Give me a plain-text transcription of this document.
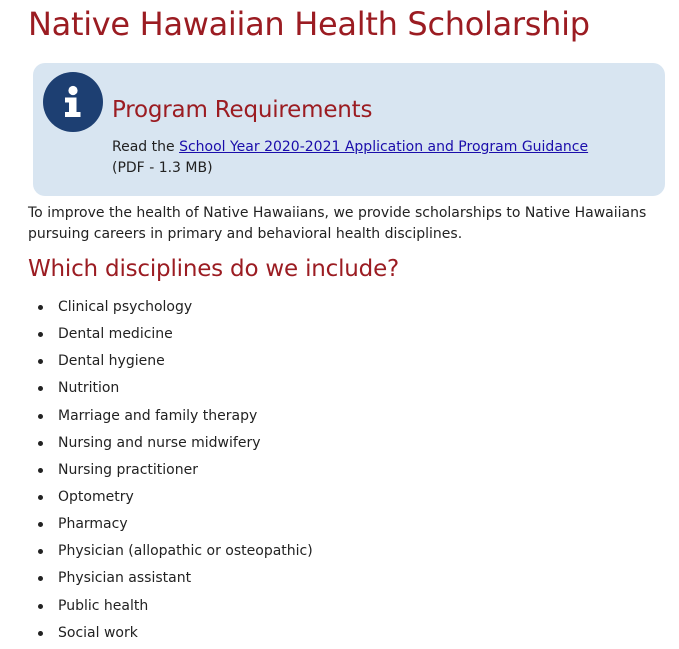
Native Hawaiian Health Scholarship
Program Requirements
Read the School Year 2020-2021 Application and Program Guidance
(PDF - 1.3 MB)

To improve the health of Native Hawaiians, we provide scholarships to Native Hawaiians pursuing careers in primary and behavioral health disciplines.

Which disciplines do we include?
Clinical psychology
Dental medicine
Dental hygiene
Nutrition
Marriage and family therapy
Nursing and nurse midwifery
Nursing practitioner
Optometry
Pharmacy
Physician (allopathic or osteopathic)
Physician assistant
Public health
Social work
